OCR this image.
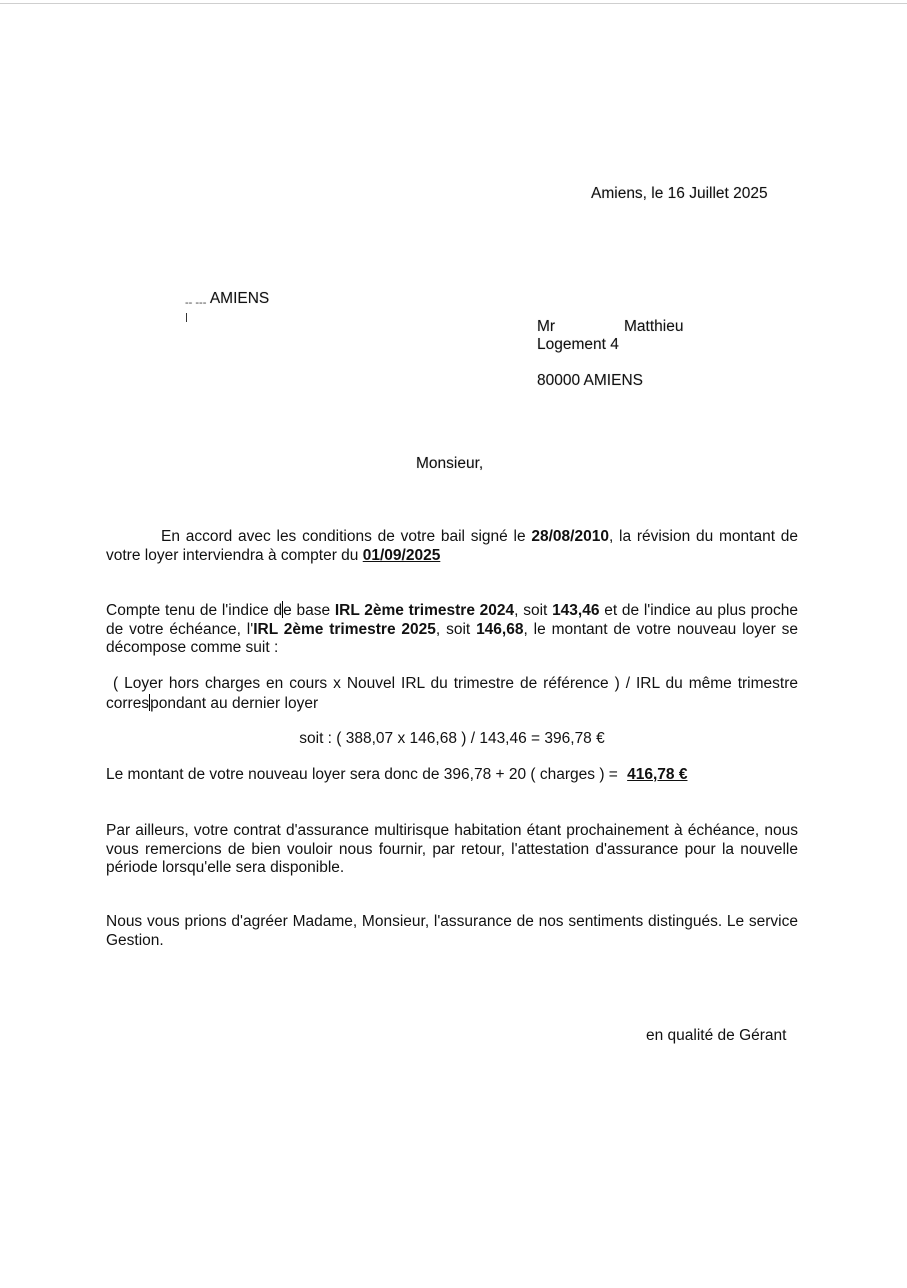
Amiens, le 16 Juillet 2025
-- --- AMIENS
Mr	Matthieu
Logement 4
80000 AMIENS
Monsieur,
En accord avec les conditions de votre bail signé le 28/08/2010, la révision du montant de votre loyer interviendra à compter du 01/09/2025
Compte tenu de l'indice de base IRL 2ème trimestre 2024, soit 143,46 et de l'indice au plus proche de votre échéance, l'IRL 2ème trimestre 2025, soit 146,68, le montant de votre nouveau loyer se décompose comme suit :
( Loyer hors charges en cours x Nouvel IRL du trimestre de référence ) / IRL du même trimestre correspondant au dernier loyer
soit : ( 388,07 x 146,68 ) / 143,46 = 396,78 €
Le montant de votre nouveau loyer sera donc de 396,78 + 20 ( charges ) = 416,78 €
Par ailleurs, votre contrat d'assurance multirisque habitation étant prochainement à échéance, nous vous remercions de bien vouloir nous fournir, par retour, l'attestation d'assurance pour la nouvelle période lorsqu'elle sera disponible.
Nous vous prions d'agréer Madame, Monsieur, l'assurance de nos sentiments distingués. Le service Gestion.
en qualité de Gérant
